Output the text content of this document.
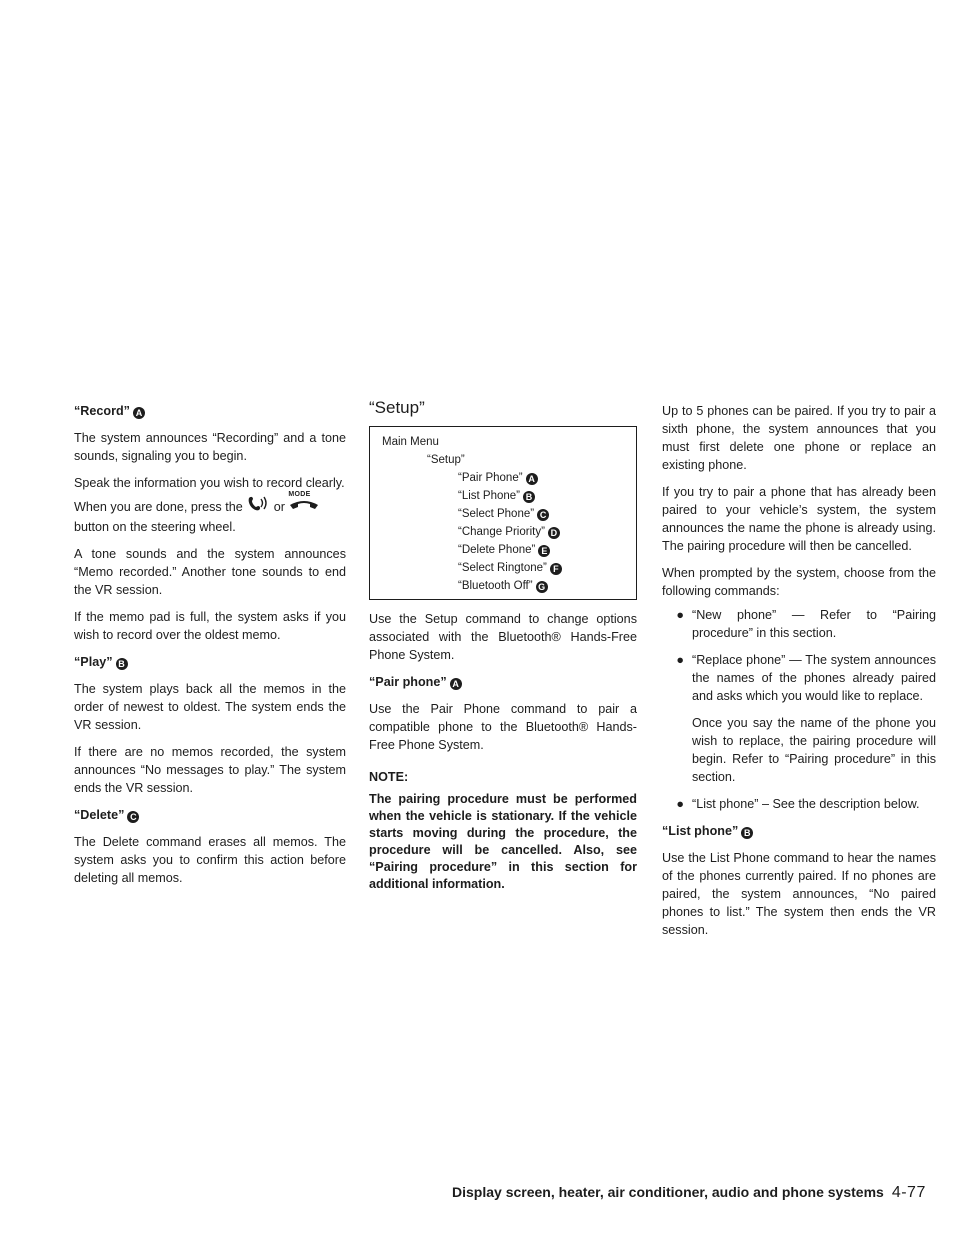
“Record” A

The system announces “Recording” and a tone sounds, signaling you to begin.

Speak the information you wish to record clearly.

When you are done, press the or
MODE

button on the steering wheel.

A tone sounds and the system announces “Memo recorded.” Another tone sounds to end the VR session.

If the memo pad is full, the system asks if you wish to record over the oldest memo.

“Play” B

The system plays back all the memos in the order of newest to oldest. The system ends the VR session.

If there are no memos recorded, the system announces “No messages to play.” The system ends the VR session.

“Delete” C

The Delete command erases all memos. The system asks you to confirm this action before deleting all memos.

“Setup”
Main Menu
“Setup”
“Pair Phone” A
“List Phone” B
“Select Phone” C
“Change Priority” D
“Delete Phone” E
“Select Ringtone” F
“Bluetooth Off” G

Use the Setup command to change options associated with the Bluetooth® Hands-Free Phone System.

“Pair phone” A

Use the Pair Phone command to pair a compatible phone to the Bluetooth® Hands-Free Phone System.

NOTE:

The pairing procedure must be performed when the vehicle is stationary. If the vehicle starts moving during the procedure, the procedure will be cancelled. Also, see “Pairing procedure” in this section for additional information.

Up to 5 phones can be paired. If you try to pair a sixth phone, the system announces that you must first delete one phone or replace an existing phone.

If you try to pair a phone that has already been paired to your vehicle’s system, the system announces the name the phone is already using. The pairing procedure will then be cancelled.

When prompted by the system, choose from the following commands:

● “New phone” — Refer to “Pairing procedure” in this section.
● “Replace phone” — The system announces the names of the phones already paired and asks which you would like to replace.

Once you say the name of the phone you wish to replace, the pairing procedure will begin. Refer to “Pairing procedure” in this section.

● “List phone” – See the description below.
“List phone” B

Use the List Phone command to hear the names of the phones currently paired. If no phones are paired, the system announces, “No paired phones to list.” The system then ends the VR session.

Display screen, heater, air conditioner, audio and phone systems 4-77
